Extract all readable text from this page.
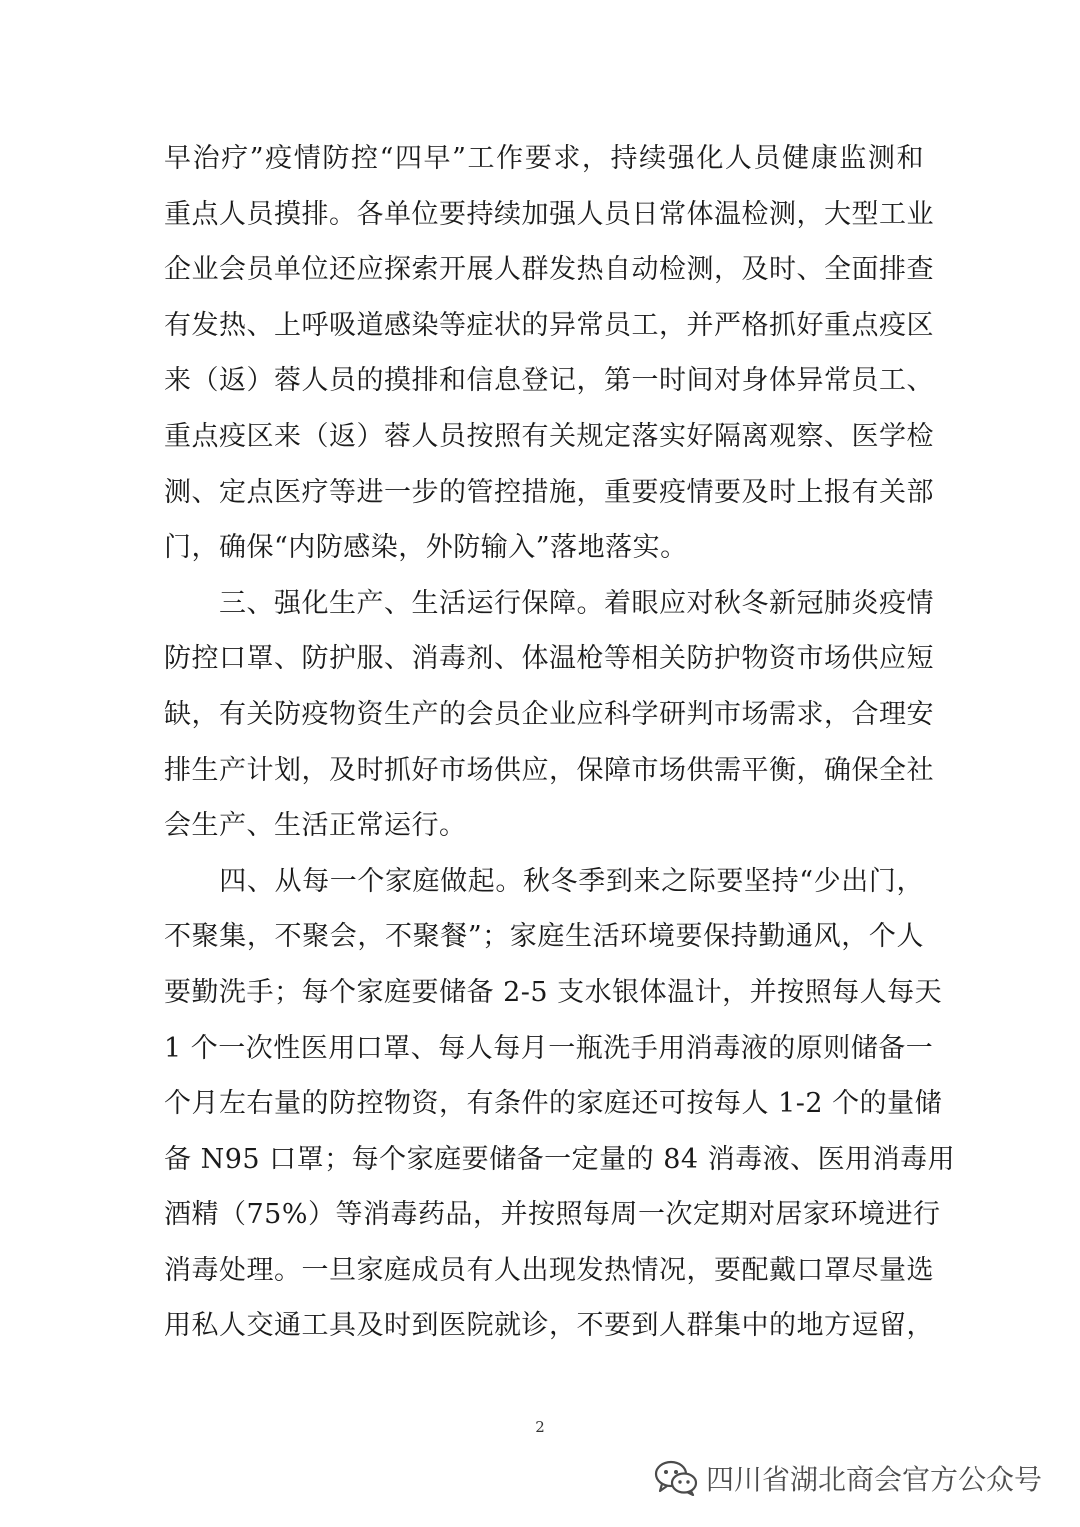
早治疗”疫情防控“四早”工作要求，持续强化人员健康监测和
重点人员摸排。各单位要持续加强人员日常体温检测，大型工业
企业会员单位还应探索开展人群发热自动检测，及时、全面排查
有发热、上呼吸道感染等症状的异常员工，并严格抓好重点疫区
来（返）蓉人员的摸排和信息登记，第一时间对身体异常员工、
重点疫区来（返）蓉人员按照有关规定落实好隔离观察、医学检
测、定点医疗等进一步的管控措施，重要疫情要及时上报有关部
门，确保“内防感染，外防输入”落地落实。
　　三、强化生产、生活运行保障。着眼应对秋冬新冠肺炎疫情
防控口罩、防护服、消毒剂、体温枪等相关防护物资市场供应短
缺，有关防疫物资生产的会员企业应科学研判市场需求，合理安
排生产计划，及时抓好市场供应，保障市场供需平衡，确保全社
会生产、生活正常运行。
　　四、从每一个家庭做起。秋冬季到来之际要坚持“少出门，
不聚集，不聚会，不聚餐”；家庭生活环境要保持勤通风，个人
要勤洗手；每个家庭要储备 2-5 支水银体温计，并按照每人每天
1 个一次性医用口罩、每人每月一瓶洗手用消毒液的原则储备一
个月左右量的防控物资，有条件的家庭还可按每人 1-2 个的量储
备 N95 口罩；每个家庭要储备一定量的 84 消毒液、医用消毒用
酒精（75%）等消毒药品，并按照每周一次定期对居家环境进行
消毒处理。一旦家庭成员有人出现发热情况，要配戴口罩尽量选
用私人交通工具及时到医院就诊，不要到人群集中的地方逗留，
2
四川省湖北商会官方公众号
